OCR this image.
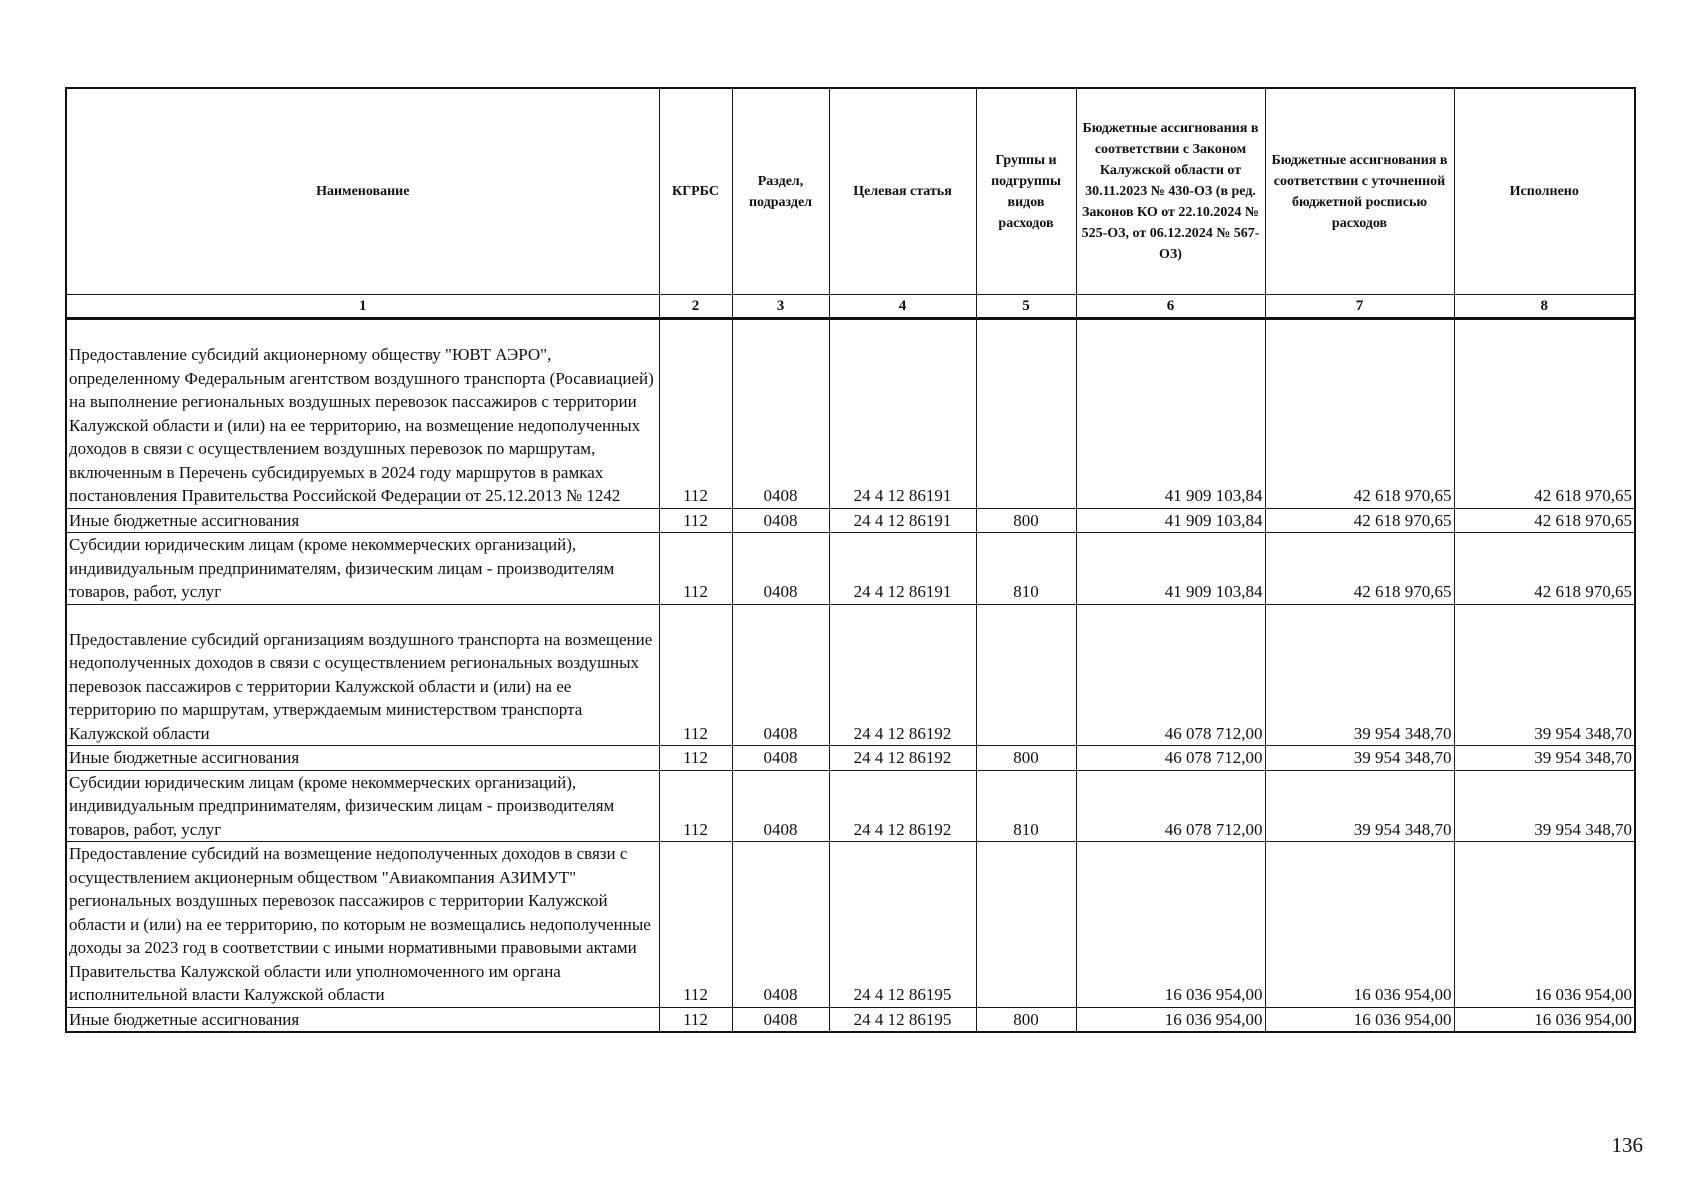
Наименование	КГРБС	Раздел, подраздел	Целевая статья	Группы и подгруппы видов расходов	Бюджетные ассигнования в соответствии с Законом Калужской области от 30.11.2023 № 430-ОЗ (в ред. Законов КО от 22.10.2024 № 525-ОЗ, от 06.12.2024 № 567-ОЗ)	Бюджетные ассигнования в соответствии с уточненной бюджетной росписью расходов	Исполнено
1	2	3	4	5	6	7	8

Предоставление субсидий акционерному обществу "ЮВТ АЭРО", определенному Федеральным агентством воздушного транспорта (Росавиацией) на выполнение региональных воздушных перевозок пассажиров с территории Калужской области и (или) на ее территорию, на возмещение недополученных доходов в связи с осуществлением воздушных перевозок по маршрутам, включенным в Перечень субсидируемых в 2024 году маршрутов в рамках постановления Правительства Российской Федерации от 25.12.2013 № 1242	112	0408	24 4 12 86191		41 909 103,84	42 618 970,65	42 618 970,65
Иные бюджетные ассигнования	112	0408	24 4 12 86191	800	41 909 103,84	42 618 970,65	42 618 970,65
Субсидии юридическим лицам (кроме некоммерческих организаций), индивидуальным предпринимателям, физическим лицам - производителям товаров, работ, услуг	112	0408	24 4 12 86191	810	41 909 103,84	42 618 970,65	42 618 970,65

Предоставление субсидий организациям воздушного транспорта на возмещение недополученных доходов в связи с осуществлением региональных воздушных перевозок пассажиров с территории Калужской области и (или) на ее территорию по маршрутам, утверждаемым министерством транспорта Калужской области	112	0408	24 4 12 86192		46 078 712,00	39 954 348,70	39 954 348,70
Иные бюджетные ассигнования	112	0408	24 4 12 86192	800	46 078 712,00	39 954 348,70	39 954 348,70
Субсидии юридическим лицам (кроме некоммерческих организаций), индивидуальным предпринимателям, физическим лицам - производителям товаров, работ, услуг	112	0408	24 4 12 86192	810	46 078 712,00	39 954 348,70	39 954 348,70
Предоставление субсидий на возмещение недополученных доходов в связи с осуществлением акционерным обществом "Авиакомпания АЗИМУТ" региональных воздушных перевозок пассажиров с территории Калужской области и (или) на ее территорию, по которым не возмещались недополученные доходы за 2023 год в соответствии с иными нормативными правовыми актами Правительства Калужской области или уполномоченного им органа исполнительной власти Калужской области	112	0408	24 4 12 86195		16 036 954,00	16 036 954,00	16 036 954,00
Иные бюджетные ассигнования	112	0408	24 4 12 86195	800	16 036 954,00	16 036 954,00	16 036 954,00
136
